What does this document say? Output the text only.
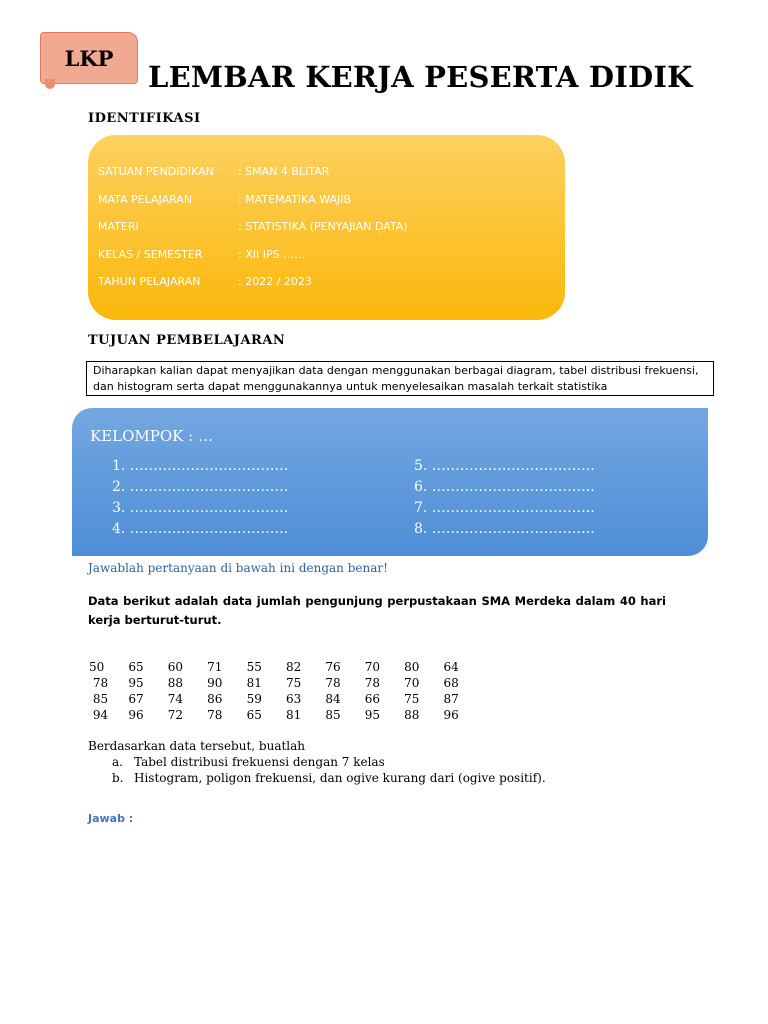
LKP
LEMBAR KERJA PESERTA DIDIK
IDENTIFIKASI
SATUAN PENDIDIKAN	: SMAN 4 BLITAR
MATA PELAJARAN	: MATEMATIKA WAJIB
MATERI	: STATISTIKA (PENYAJIAN DATA)
KELAS / SEMESTER	: XII IPS ……
TAHUN PELAJARAN	: 2022 / 2023
TUJUAN PEMBELAJARAN
Diharapkan kalian dapat menyajikan data dengan menggunakan berbagai diagram, tabel distribusi frekuensi, dan histogram serta dapat menggunakannya untuk menyelesaikan masalah terkait statistika
KELOMPOK : …
1. …………………………….
2. …………………………….
3. …………………………….
4. …………………………….
5. ……………………………..
6. ……………………………..
7. ……………………………..
8. ……………………………..
Jawablah pertanyaan di bawah ini dengan benar!
Data berikut adalah data jumlah pengunjung perpustakaan SMA Merdeka dalam 40 hari kerja berturut-turut.
50	65	60	71	55	82	76	70	80	64
78	95	88	90	81	75	78	78	70	68
85	67	74	86	59	63	84	66	75	87
94	96	72	78	65	81	85	95	88	96
Berdasarkan data tersebut, buatlah
a. Tabel distribusi frekuensi dengan 7 kelas
b. Histogram, poligon frekuensi, dan ogive kurang dari (ogive positif).
Jawab :
